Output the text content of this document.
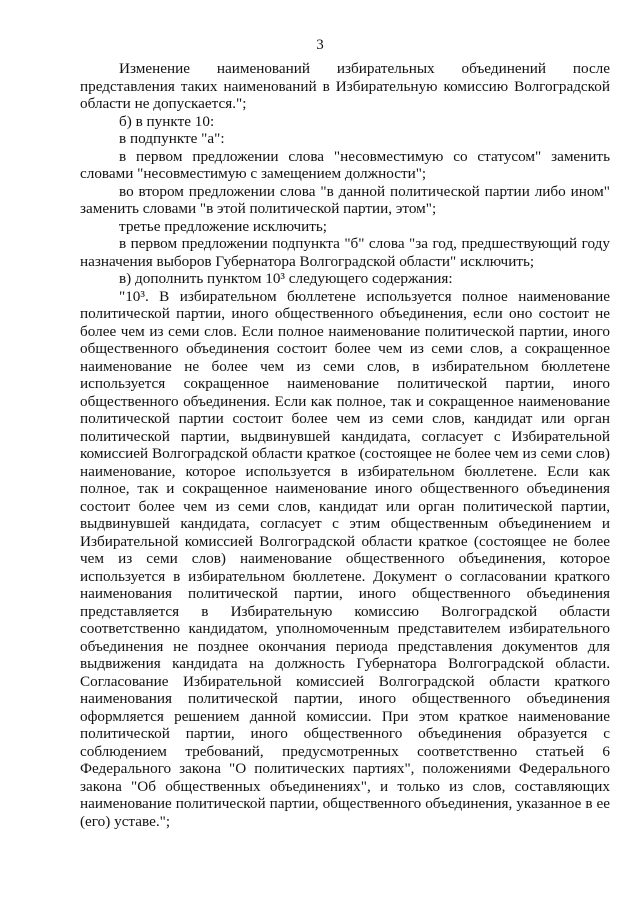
3

Изменение наименований избирательных объединений после представления таких наименований в Избирательную комиссию Волгоградской области не допускается.";

б) в пункте 10:

в подпункте "а":

в первом предложении слова "несовместимую со статусом" заменить словами "несовместимую с замещением должности";

во втором предложении слова "в данной политической партии либо ином" заменить словами "в этой политической партии, этом";

третье предложение исключить;

в первом предложении подпункта "б" слова "за год, предшествующий году назначения выборов Губернатора Волгоградской области" исключить;

в) дополнить пунктом 10³ следующего содержания:

"10³. В избирательном бюллетене используется полное наименование политической партии, иного общественного объединения, если оно состоит не более чем из семи слов. Если полное наименование политической партии, иного общественного объединения состоит более чем из семи слов, а сокращенное наименование не более чем из семи слов, в избирательном бюллетене используется сокращенное наименование политической партии, иного общественного объединения. Если как полное, так и сокращенное наименование политической партии состоит более чем из семи слов, кандидат или орган политической партии, выдвинувшей кандидата, согласует с Избирательной комиссией Волгоградской области краткое (состоящее не более чем из семи слов) наименование, которое используется в избирательном бюллетене. Если как полное, так и сокращенное наименование иного общественного объединения состоит более чем из семи слов, кандидат или орган политической партии, выдвинувшей кандидата, согласует с этим общественным объединением и Избирательной комиссией Волгоградской области краткое (состоящее не более чем из семи слов) наименование общественного объединения, которое используется в избирательном бюллетене. Документ о согласовании краткого наименования политической партии, иного общественного объединения представляется в Избирательную комиссию Волгоградской области соответственно кандидатом, уполномоченным представителем избирательного объединения не позднее окончания периода представления документов для выдвижения кандидата на должность Губернатора Волгоградской области. Согласование Избирательной комиссией Волгоградской области краткого наименования политической партии, иного общественного объединения оформляется решением данной комиссии. При этом краткое наименование политической партии, иного общественного объединения образуется с соблюдением требований, предусмотренных соответственно статьей 6 Федерального закона "О политических партиях", положениями Федерального закона "Об общественных объединениях", и только из слов, составляющих наименование политической партии, общественного объединения, указанное в ее (его) уставе.";
